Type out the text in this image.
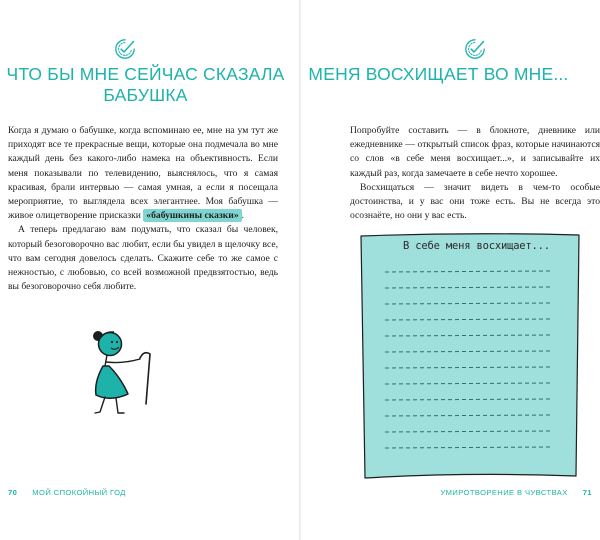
ЧТО БЫ МНЕ СЕЙЧАС СКАЗАЛА
БАБУШКА

Когда я думаю о бабушке, когда вспоминаю ее, мне на ум тут же приходят все те прекрасные вещи, которые она подмечала во мне каждый день без какого-либо намека на объективность. Если меня показывали по телевидению, выяснялось, что я самая красивая, брали интервью — самая умная, а если я посещала мероприятие, то выглядела всех элегантнее. Моя бабушка — живое олицетворение присказки «бабушкины сказки» .

А теперь предлагаю вам подумать, что сказал бы человек, который безоговорочно вас любит, если бы увидел в щелочку все, что вам сегодня довелось сделать. Скажите себе то же самое с нежностью, с любовью, со всей возможной предвзятостью, ведь вы безоговорочно себя любите.

70 МОЙ СПОКОЙНЫЙ ГОД
МЕНЯ ВОСХИЩАЕТ ВО МНЕ...

Попробуйте составить — в блокноте, дневнике или ежедневнике — открытый список фраз, которые начинаются со слов «в себе меня восхищает...», и записывайте их каждый раз, когда замечаете в себе нечто хорошее.

Восхищаться — значит видеть в чем-то особые достоинства, и у вас они тоже есть. Вы не всегда это осознаёте, но они у вас есть.

УМИРОТВОРЕНИЕ В ЧУВСТВАХ 71
В себе меня восхищает...
